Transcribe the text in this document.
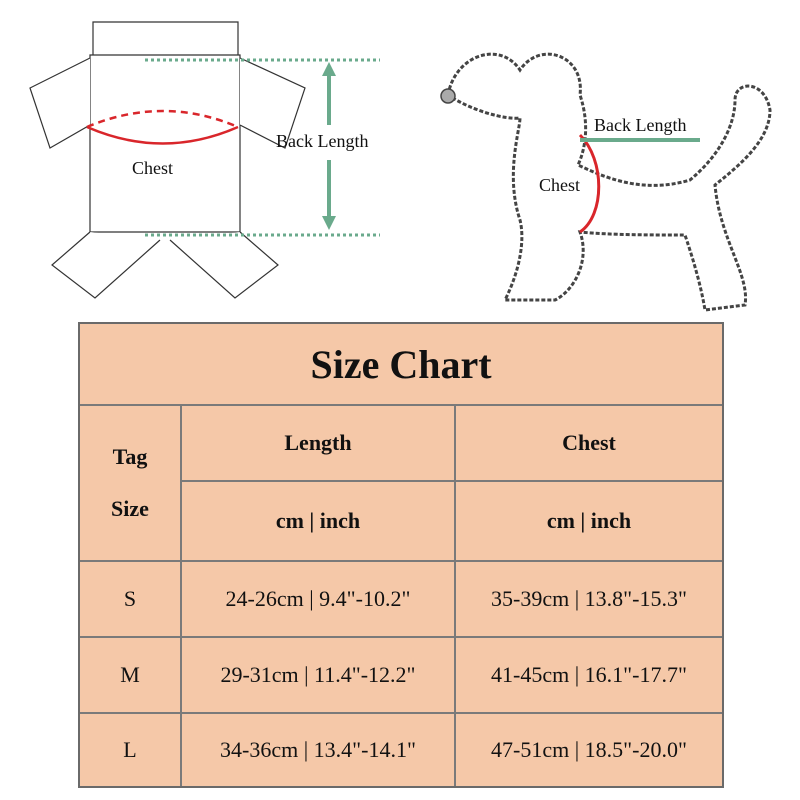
Chest
Back Length
Chest
Back Length
Size Chart
Tag
Size
Length	Chest
cm | inch	cm | inch
S	24-26cm | 9.4"-10.2"	35-39cm | 13.8"-15.3"
M	29-31cm | 11.4"-12.2"	41-45cm | 16.1"-17.7"
L	34-36cm | 13.4"-14.1"	47-51cm | 18.5"-20.0"
